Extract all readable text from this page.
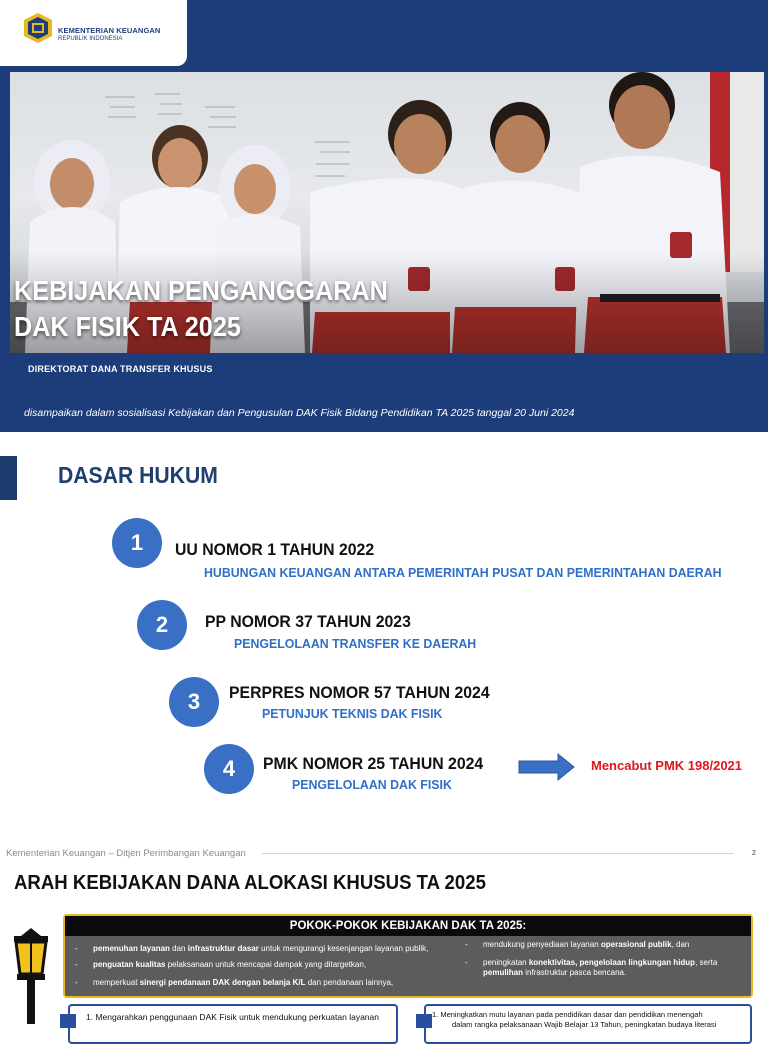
KEMENTERIAN KEUANGAN
REPUBLIK INDONESIA
KEBIJAKAN PENGANGGARAN
DAK FISIK TA 2025
DIREKTORAT DANA TRANSFER KHUSUS
disampaikan dalam sosialisasi Kebijakan dan Pengusulan DAK Fisik Bidang Pendidikan TA 2025 tanggal 20 Juni 2024
DASAR HUKUM
1	UU NOMOR 1 TAHUN 2022
HUBUNGAN KEUANGAN ANTARA PEMERINTAH PUSAT DAN PEMERINTAHAN DAERAH
2	PP NOMOR 37 TAHUN 2023
PENGELOLAAN TRANSFER KE DAERAH
3	PERPRES NOMOR 57 TAHUN 2024
PETUNJUK TEKNIS DAK FISIK
4	PMK NOMOR 25 TAHUN 2024
PENGELOLAAN DAK FISIK
Mencabut PMK 198/2021
Kementerian Keuangan – Ditjen Perimbangan Keuangan	2
ARAH KEBIJAKAN DANA ALOKASI KHUSUS TA 2025
POKOK-POKOK KEBIJAKAN DAK TA 2025:
- pemenuhan layanan dan infrastruktur dasar untuk mengurangi kesenjangan layanan publik,
- penguatan kualitas pelaksanaan untuk mencapai dampak yang ditargetkan,
- memperkuat sinergi pendanaan DAK dengan belanja K/L dan pendanaan lainnya,
- mendukung penyediaan layanan operasional publik, dan
- peningkatan konektivitas, pengelolaan lingkungan hidup, serta
pemulihan infrastruktur pasca bencana.
1. Mengarahkan penggunaan DAK Fisik untuk mendukung perkuatan layanan	1. Meningkatkan mutu layanan pada pendidikan dasar dan pendidikan menengah
dalam rangka pelaksanaan Wajib Belajar 13 Tahun, peningkatan budaya literasi
